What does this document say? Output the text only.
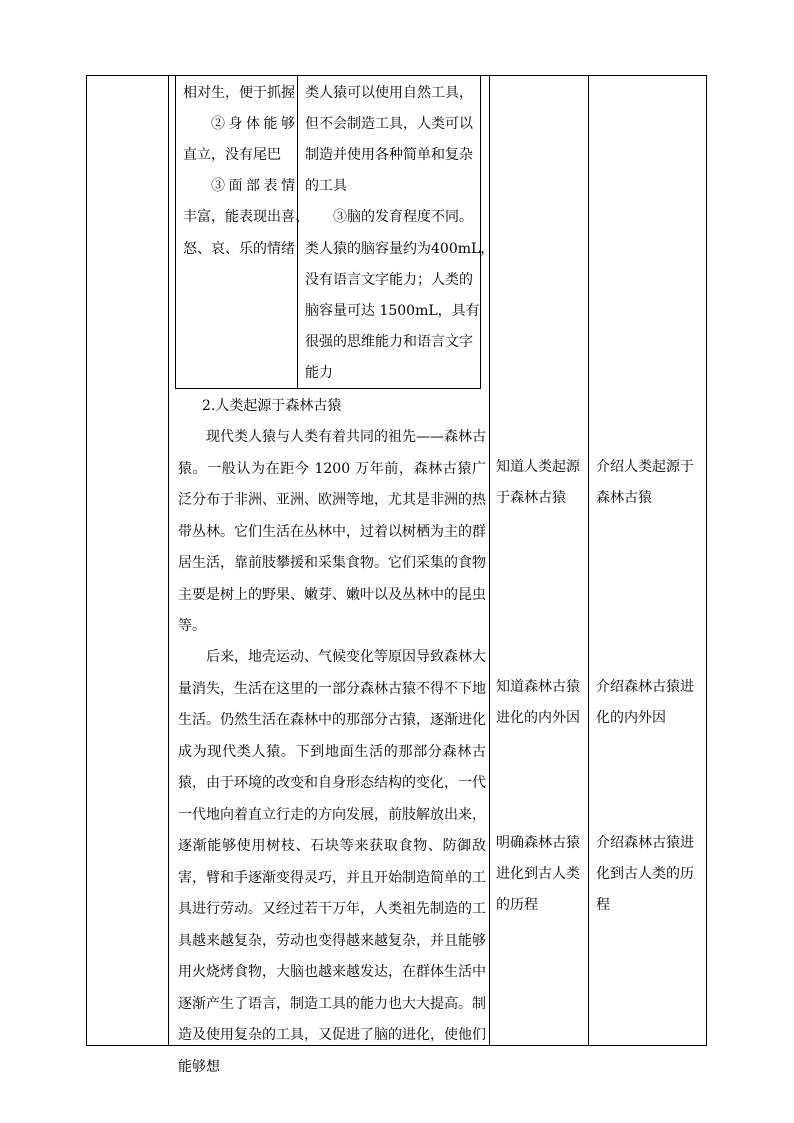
相对生，便于抓握
②身体能够
直立，没有尾巴
③面部表情
丰富，能表现出喜、
怒、哀、乐的情绪
类人猿可以使用自然工具，
但不会制造工具，人类可以
制造并使用各种简单和复杂
的工具
③脑的发育程度不同。
类人猿的脑容量约为400mL，
没有语言文字能力；人类的
脑容量可达 1500mL，具有
很强的思维能力和语言文字
能力
2.人类起源于森林古猿

现代类人猿与人类有着共同的祖先——森林古猿。一般认为在距今 1200 万年前，森林古猿广泛分布于非洲、亚洲、欧洲等地，尤其是非洲的热带丛林。它们生活在丛林中，过着以树栖为主的群居生活，靠前肢攀援和采集食物。它们采集的食物主要是树上的野果、嫩芽、嫩叶以及丛林中的昆虫等。

后来，地壳运动、气候变化等原因导致森林大量消失，生活在这里的一部分森林古猿不得不下地生活。仍然生活在森林中的那部分古猿，逐渐进化成为现代类人猿。下到地面生活的那部分森林古猿，由于环境的改变和自身形态结构的变化，一代一代地向着直立行走的方向发展，前肢解放出来，逐渐能够使用树枝、石块等来获取食物、防御敌害，臂和手逐渐变得灵巧，并且开始制造简单的工具进行劳动。又经过若干万年，人类祖先制造的工具越来越复杂，劳动也变得越来越复杂，并且能够用火烧烤食物，大脑也越来越发达，在群体生活中逐渐产生了语言，制造工具的能力也大大提高。制造及使用复杂的工具，又促进了脑的进化，使他们能够想

知道人类起源
于森林古猿
知道森林古猿
进化的内外因
明确森林古猿
进化到古人类
的历程
介绍人类起源于
森林古猿
介绍森林古猿进
化的内外因
介绍森林古猿进
化到古人类的历
程
